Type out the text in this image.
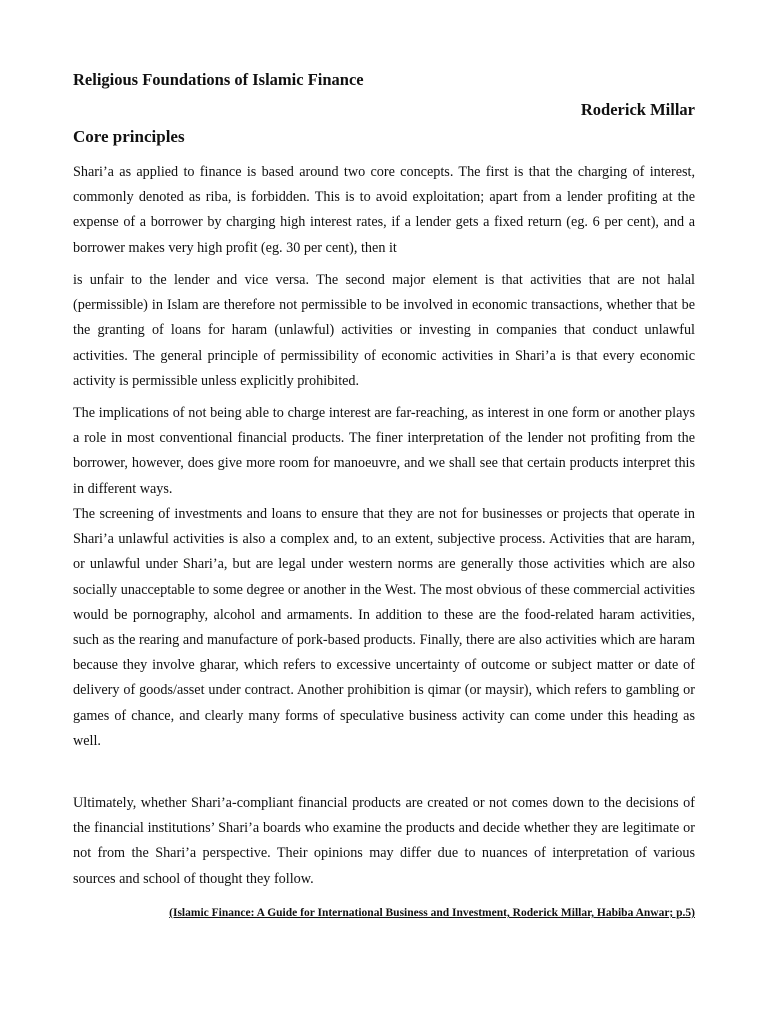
Religious Foundations of Islamic Finance
Roderick Millar
Core principles

Shari’a as applied to finance is based around two core concepts. The first is that the charging of interest, commonly denoted as riba, is forbidden. This is to avoid exploitation; apart from a lender profiting at the expense of a borrower by charging high interest rates, if a lender gets a fixed return (eg. 6 per cent), and a borrower makes very high profit (eg. 30 per cent), then it

is unfair to the lender and vice versa. The second major element is that activities that are not halal (permissible) in Islam are therefore not permissible to be involved in economic transactions, whether that be the granting of loans for haram (unlawful) activities or investing in companies that conduct unlawful activities. The general principle of permissibility of economic activities in Shari’a is that every economic activity is permissible unless explicitly prohibited.

The implications of not being able to charge interest are far-reaching, as interest in one form or another plays a role in most conventional financial products. The finer interpretation of the lender not profiting from the borrower, however, does give more room for manoeuvre, and we shall see that certain products interpret this in different ways.

The screening of investments and loans to ensure that they are not for businesses or projects that operate in Shari’a unlawful activities is also a complex and, to an extent, subjective process. Activities that are haram, or unlawful under Shari’a, but are legal under western norms are generally those activities which are also socially unacceptable to some degree or another in the West. The most obvious of these commercial activities would be pornography, alcohol and armaments. In addition to these are the food-related haram activities, such as the rearing and manufacture of pork-based products. Finally, there are also activities which are haram because they involve gharar, which refers to excessive uncertainty of outcome or subject matter or date of delivery of goods/asset under contract. Another prohibition is qimar (or maysir), which refers to gambling or games of chance, and clearly many forms of speculative business activity can come under this heading as well.

Ultimately, whether Shari’a-compliant financial products are created or not comes down to the decisions of the financial institutions’ Shari’a boards who examine the products and decide whether they are legitimate or not from the Shari’a perspective. Their opinions may differ due to nuances of interpretation of various sources and school of thought they follow.

(Islamic Finance: A Guide for International Business and Investment, Roderick Millar, Habiba Anwar; p.5)
